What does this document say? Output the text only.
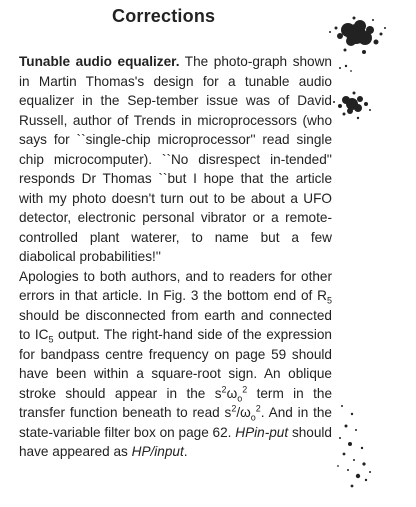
Corrections

Tunable audio equalizer. The photo-graph shown in Martin Thomas's design for a tunable audio equalizer in the Sep-tember issue was of David Russell, author of Trends in microprocessors (who says for ``single-chip microprocessor'' read single chip microcomputer). ``No disrespect in-tended'' responds Dr Thomas ``but I hope that the article with my photo doesn't turn out to be about a UFO detector, electronic personal vibrator or a remote-controlled plant waterer, to name but a few diabolical probabilities!''

Apologies to both authors, and to readers for other errors in that article. In Fig. 3 the bottom end of $R_5$ should be disconnected from earth and connected to $IC_5$ output. The right-hand side of the expression for bandpass centre frequency on page 59 should have been within a square-root sign. An oblique stroke should appear in the $s^2\omega_o^2$ term in the transfer function beneath to read $s^2/\omega_o^2$. And in the state-variable filter box on page 62. HPin-put should have appeared as HP/input.
